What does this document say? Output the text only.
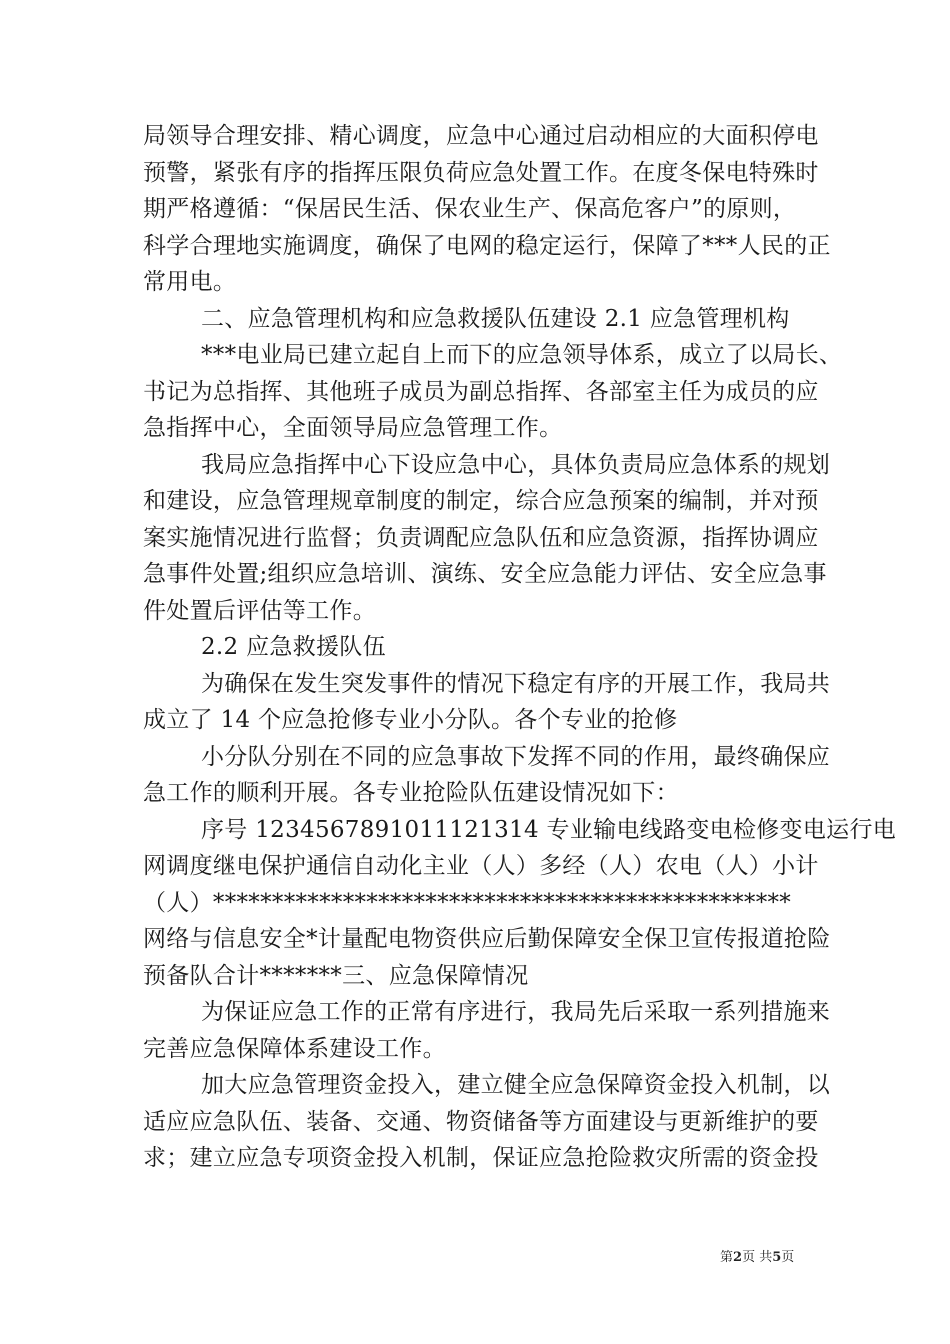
局领导合理安排、精心调度，应急中心通过启动相应的大面积停电
预警，紧张有序的指挥压限负荷应急处置工作。在度冬保电特殊时
期严格遵循：“保居民生活、保农业生产、保高危客户”的原则，
科学合理地实施调度，确保了电网的稳定运行，保障了***人民的正
常用电。
二、应急管理机构和应急救援队伍建设 2.1 应急管理机构
***电业局已建立起自上而下的应急领导体系，成立了以局长、
书记为总指挥、其他班子成员为副总指挥、各部室主任为成员的应
急指挥中心，全面领导局应急管理工作。
我局应急指挥中心下设应急中心，具体负责局应急体系的规划
和建设，应急管理规章制度的制定，综合应急预案的编制，并对预
案实施情况进行监督；负责调配应急队伍和应急资源，指挥协调应
急事件处置;组织应急培训、演练、安全应急能力评估、安全应急事
件处置后评估等工作。
2.2 应急救援队伍
为确保在发生突发事件的情况下稳定有序的开展工作，我局共
成立了 14 个应急抢修专业小分队。各个专业的抢修
小分队分别在不同的应急事故下发挥不同的作用，最终确保应
急工作的顺利开展。各专业抢险队伍建设情况如下：
序号 1234567891011121314 专业输电线路变电检修变电运行电
网调度继电保护通信自动化主业（人）多经（人）农电（人）小计
（人）*************************************************
网络与信息安全*计量配电物资供应后勤保障安全保卫宣传报道抢险
预备队合计*******三、应急保障情况
为保证应急工作的正常有序进行，我局先后采取一系列措施来
完善应急保障体系建设工作。
加大应急管理资金投入，建立健全应急保障资金投入机制，以
适应应急队伍、装备、交通、物资储备等方面建设与更新维护的要
求；建立应急专项资金投入机制，保证应急抢险救灾所需的资金投
第2页 共5页
